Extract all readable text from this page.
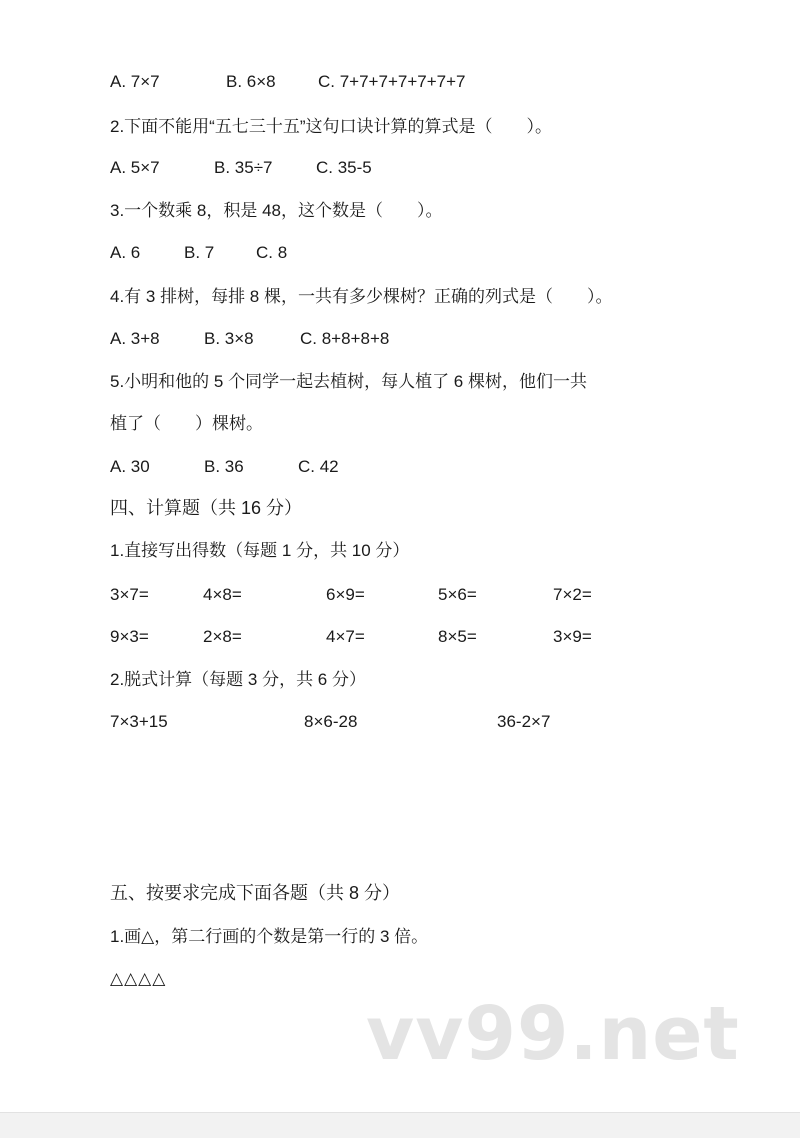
A. 7×7	B. 6×8 C. 7+7+7+7+7+7+7
2.下面不能用“五七三十五”这句口诀计算的算式是（　　）。
A. 5×7	B. 35÷7	C. 35-5
3.一个数乘 8，积是 48，这个数是（　　）。
A. 6	B. 7 C. 8
4.有 3 排树，每排 8 棵，一共有多少棵树？正确的列式是（　　）。
A. 3+8	B. 3×8	C. 8+8+8+8
5.小明和他的 5 个同学一起去植树，每人植了 6 棵树，他们一共
植了（　　）棵树。
A. 30	B. 36	C. 42
四、计算题（共 16 分）
1.直接写出得数（每题 1 分，共 10 分）
3×7=	4×8=	6×9=	5×6=	7×2=
9×3=	2×8=	4×7=	8×5=	3×9=
2.脱式计算（每题 3 分，共 6 分）
7×3+15	8×6-28	36-2×7
五、按要求完成下面各题（共 8 分）
1.画△，第二行画的个数是第一行的 3 倍。
△△△△
vv99.net
